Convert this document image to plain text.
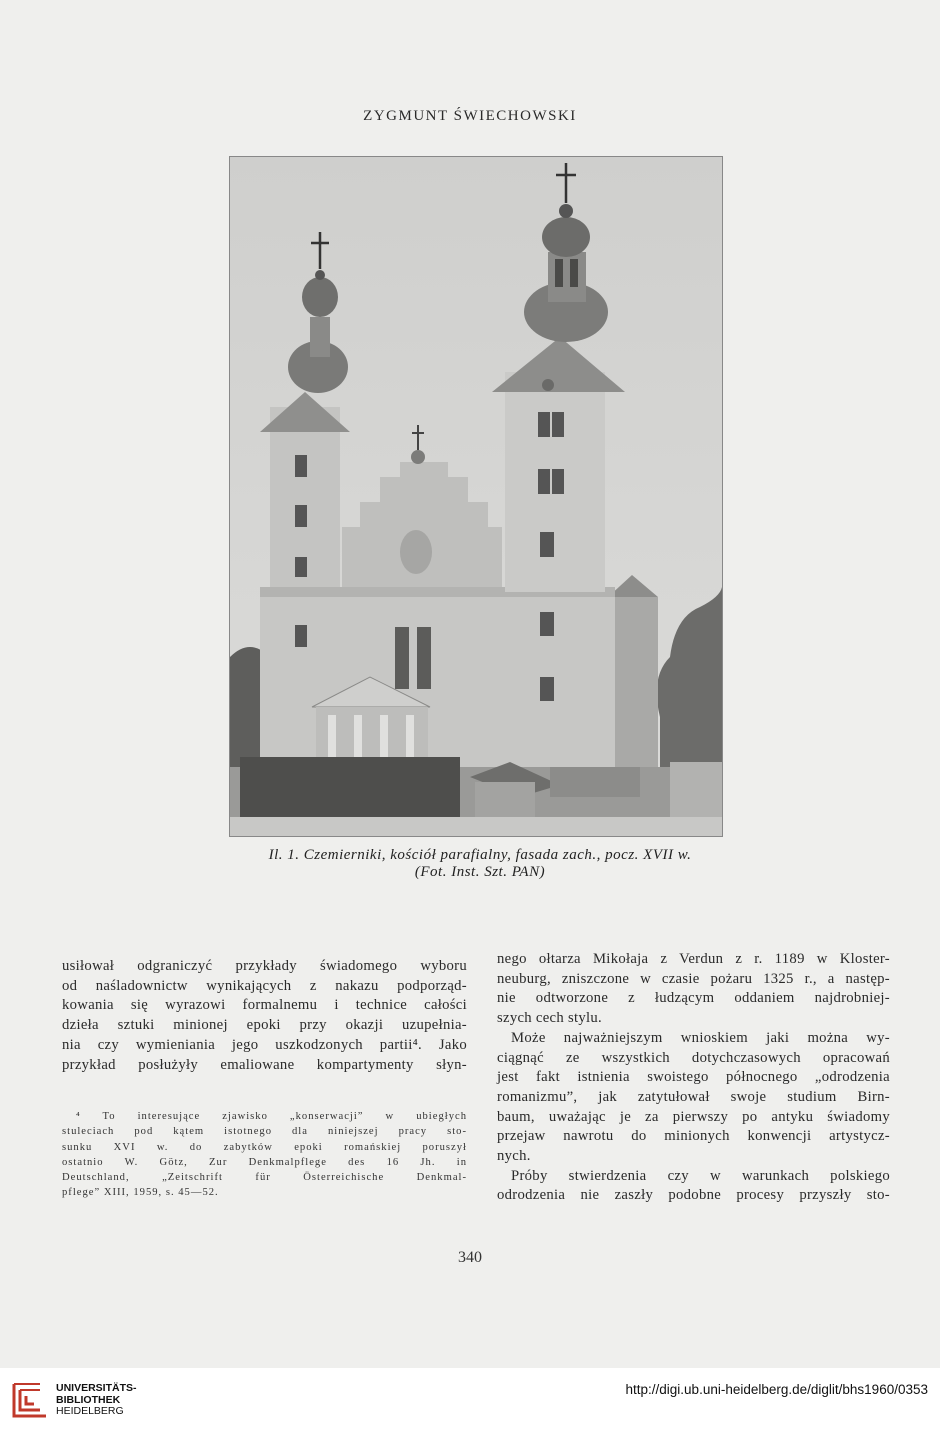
ZYGMUNT ŚWIECHOWSKI
Il. 1. Czemierniki, kościół parafialny, fasada zach., pocz. XVII w.
(Fot. Inst. Szt. PAN)

usiłował odgraniczyć przykłady świadomego wyboru
od naśladownictw wynikających z nakazu podporząd-
kowania się wyrazowi formalnemu i technice całości
dzieła sztuki minionej epoki przy okazji uzupełnia-
nia czy wymieniania jego uszkodzonych partii⁴. Jako
przykład posłużyły emaliowane kompartymenty słyn-

⁴ To interesujące zjawisko „konserwacji” w ubiegłych
stuleciach pod kątem istotnego dla niniejszej pracy sto-
sunku XVI w. do zabytków epoki romańskiej poruszył
ostatnio W. Götz, Zur Denkmalpflege des 16 Jh. in
Deutschland, „Zeitschrift für Österreichische Denkmal-
pflege” XIII, 1959, s. 45—52.

nego ołtarza Mikołaja z Verdun z r. 1189 w Kloster-
neuburg, zniszczone w czasie pożaru 1325 r., a następ-
nie odtworzone z łudzącym oddaniem najdrobniej-
szych cech stylu.
Może najważniejszym wnioskiem jaki można wy-
ciągnąć ze wszystkich dotychczasowych opracowań
jest fakt istnienia swoistego północnego „odrodzenia
romanizmu”, jak zatytułował swoje studium Birn-
baum, uważając je za pierwszy po antyku świadomy
przejaw nawrotu do minionych konwencji artystycz-
nych.
Próby stwierdzenia czy w warunkach polskiego
odrodzenia nie zaszły podobne procesy przyszły sto-

340
UNIVERSITÄTS-
BIBLIOTHEK
HEIDELBERG
http://digi.ub.uni-heidelberg.de/diglit/bhs1960/0353
